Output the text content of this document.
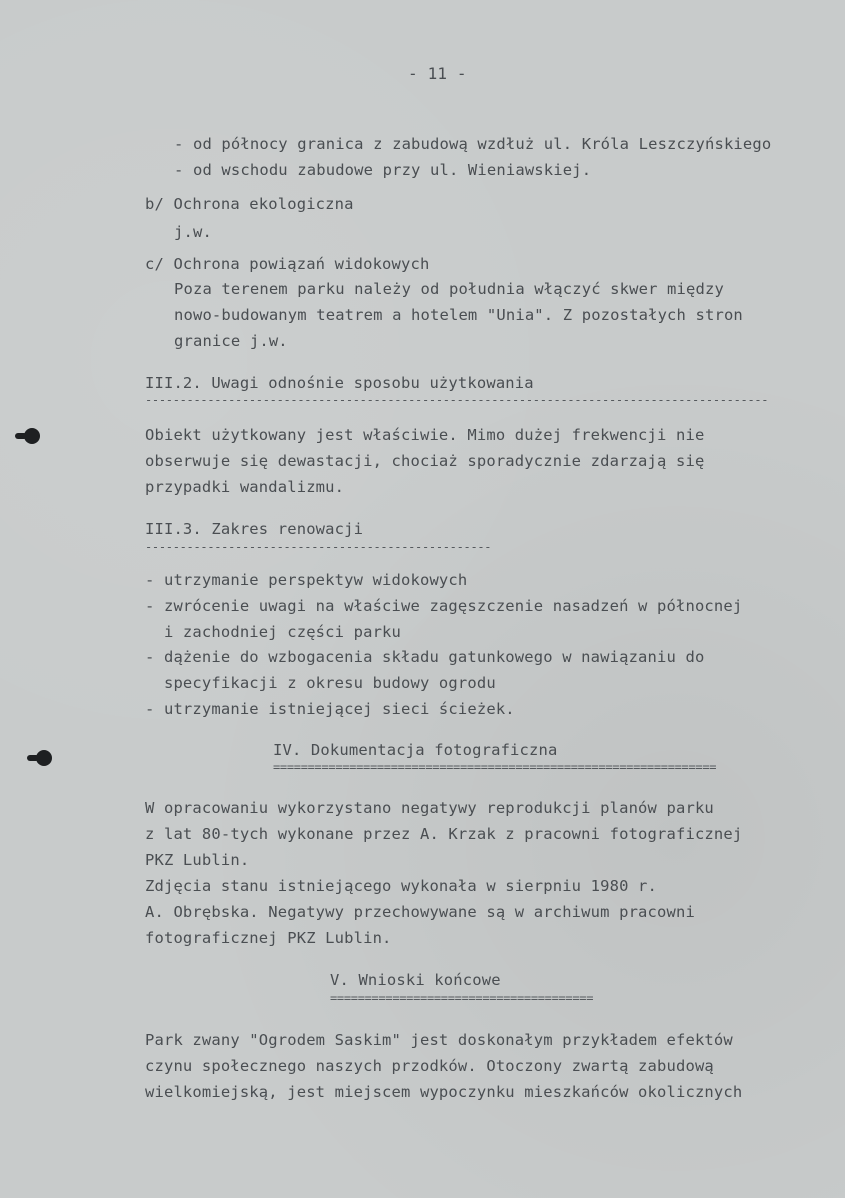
- 11 -
- od północy granica z zabudową wzdłuż ul. Króla Leszczyńskiego
- od wschodu zabudowe przy ul. Wieniawskiej.
b/ Ochrona ekologiczna
j.w.
c/ Ochrona powiązań widokowych
Poza terenem parku należy od południa włączyć skwer między
nowo-budowanym teatrem a hotelem "Unia". Z pozostałych stron
granice j.w.
III.2. Uwagi odnośnie sposobu użytkowania
------------------------------------------------------------------------------------------
Obiekt użytkowany jest właściwie. Mimo dużej frekwencji nie
obserwuje się dewastacji, chociaż sporadycznie zdarzają się
przypadki wandalizmu.
III.3. Zakres renowacji
--------------------------------------------------
- utrzymanie perspektyw widokowych
- zwrócenie uwagi na właściwe zagęszczenie nasadzeń w północnej
i zachodniej części parku
- dążenie do wzbogacenia składu gatunkowego w nawiązaniu do
specyfikacji z okresu budowy ogrodu
- utrzymanie istniejącej sieci ścieżek.
IV. Dokumentacja fotograficzna
================================================================
W opracowaniu wykorzystano negatywy reprodukcji planów parku
z lat 80-tych wykonane przez A. Krzak z pracowni fotograficznej
PKZ Lublin.
Zdjęcia stanu istniejącego wykonała w sierpniu 1980 r.
A. Obrębska. Negatywy przechowywane są w archiwum pracowni
fotograficznej PKZ Lublin.
V. Wnioski końcowe
======================================
Park zwany "Ogrodem Saskim" jest doskonałym przykładem efektów
czynu społecznego naszych przodków. Otoczony zwartą zabudową
wielkomiejską, jest miejscem wypoczynku mieszkańców okolicznych
